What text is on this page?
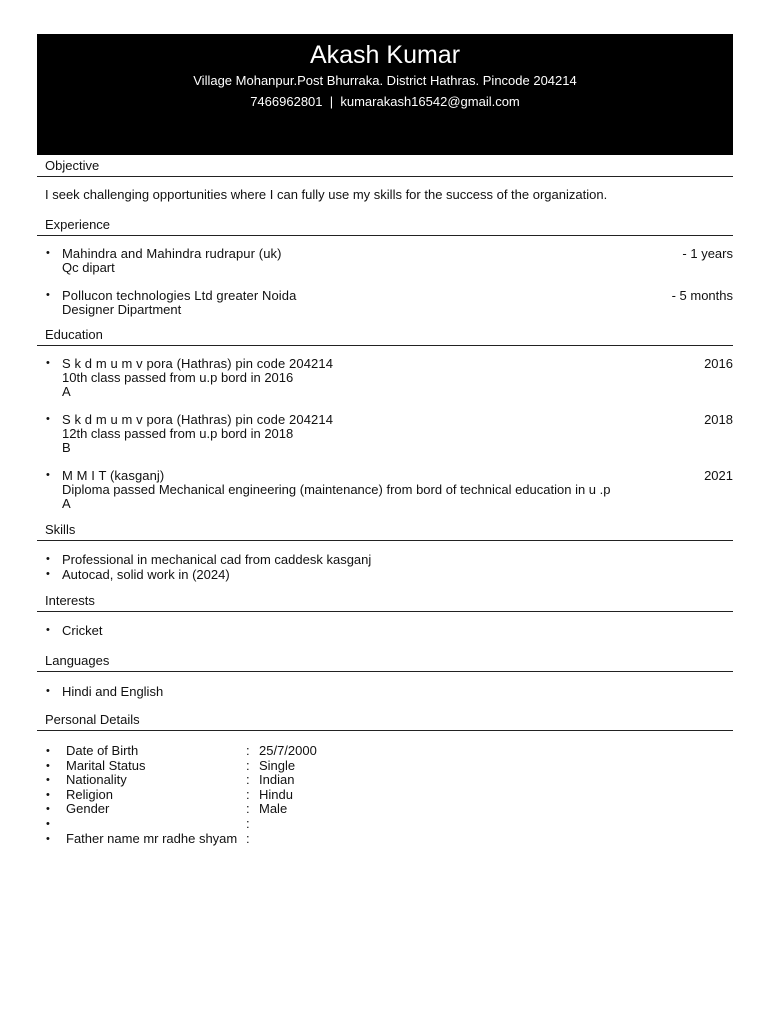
Akash Kumar
Village Mohanpur.Post Bhurraka. District Hathras. Pincode 204214
7466962801 | kumarakash16542@gmail.com
Objective
I seek challenging opportunities where I can fully use my skills for the success of the organization.
Experience
• Mahindra and Mahindra rudrapur (uk)	- 1 years
Qc dipart
• Pollucon technologies Ltd greater Noida	- 5 months
Designer Dipartment
Education
• S k d m u m v pora (Hathras) pin code 204214	2016
10th class passed from u.p bord in 2016
A
• S k d m u m v pora (Hathras) pin code 204214	2018
12th class passed from u.p bord in 2018
B
• M M I T (kasganj)	2021
Diploma passed Mechanical engineering (maintenance) from bord of technical education in u .p
A
Skills
• Professional in mechanical cad from caddesk kasganj
• Autocad, solid work in (2024)
Interests
• Cricket
Languages
• Hindi and English
Personal Details
• Date of Birth	: 25/7/2000
• Marital Status	: Single
• Nationality	: Indian
• Religion	: Hindu
• Gender	: Male
• :
• Father name mr radhe shyam :
